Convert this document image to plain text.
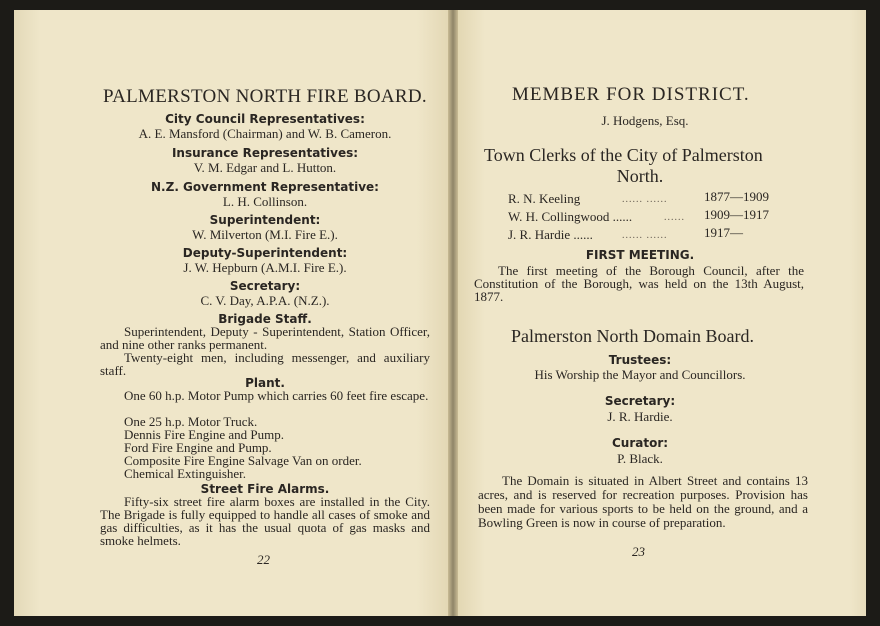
PALMERSTON NORTH FIRE BOARD.
City Council Representatives:
A. E. Mansford (Chairman) and W. B. Cameron.
Insurance Representatives:
V. M. Edgar and L. Hutton.
N.Z. Government Representative:
L. H. Collinson.
Superintendent:
W. Milverton (M.I. Fire E.).
Deputy-Superintendent:
J. W. Hepburn (A.M.I. Fire E.).
Secretary:
C. V. Day, A.P.A. (N.Z.).
Brigade Staff.
Superintendent, Deputy - Superintendent, Station Officer, and nine other ranks permanent.
Twenty-eight men, including messenger, and auxiliary staff.
Plant.
One 60 h.p. Motor Pump which carries 60 feet fire escape.
One 25 h.p. Motor Truck.
Dennis Fire Engine and Pump.
Ford Fire Engine and Pump.
Composite Fire Engine Salvage Van on order.
Chemical Extinguisher.
Street Fire Alarms.
Fifty-six street fire alarm boxes are installed in the City. The Brigade is fully equipped to handle all cases of smoke and gas difficulties, as it has the usual quota of gas masks and smoke helmets.
22
MEMBER FOR DISTRICT.
J. Hodgens, Esq.
Town Clerks of the City of Palmerston
North.
R. N. Keeling	...... ......	1877—1909
W. H. Collingwood ......	...... 1909—1917
J. R. Hardie ......	...... ......	1917—
FIRST MEETING.
The first meeting of the Borough Council, after the Constitution of the Borough, was held on the 13th August, 1877.
Palmerston North Domain Board.
Trustees:
His Worship the Mayor and Councillors.
Secretary:
J. R. Hardie.
Curator:
P. Black.
The Domain is situated in Albert Street and contains 13 acres, and is reserved for recreation purposes. Provision has been made for various sports to be held on the ground, and a Bowling Green is now in course of preparation.
23
